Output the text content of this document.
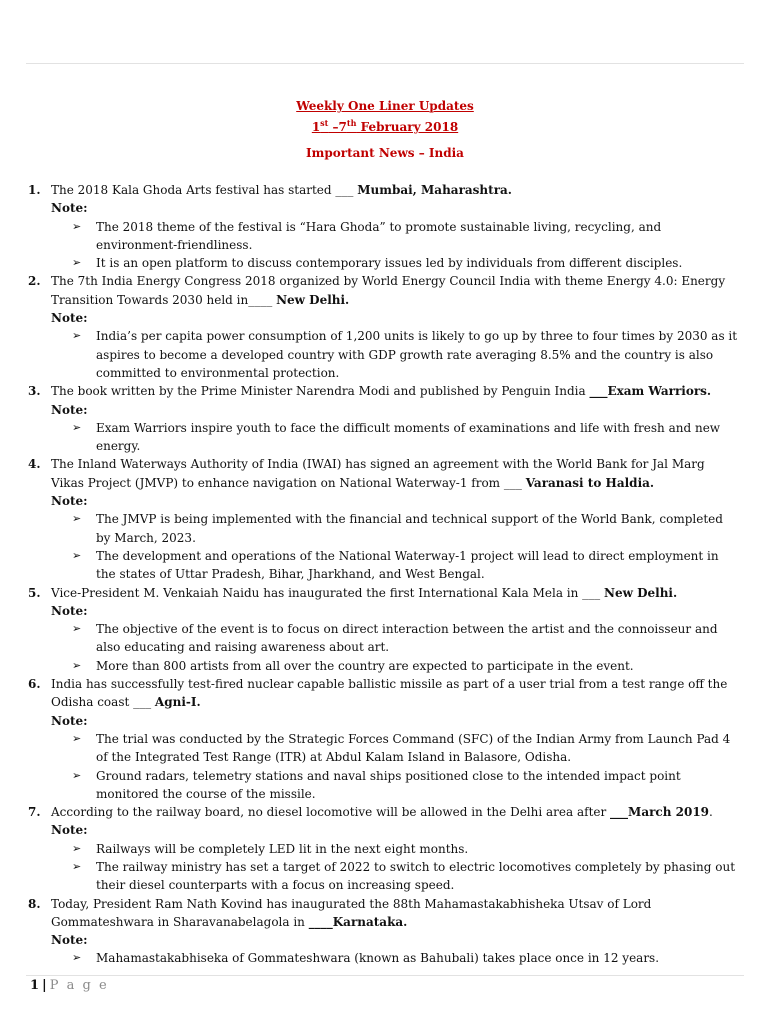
Weekly One Liner Updates
1st –7th February 2018
Important News – India
1. The 2018 Kala Ghoda Arts festival has started ___ Mumbai, Maharashtra.
Note:
➢ The 2018 theme of the festival is “Hara Ghoda” to promote sustainable living, recycling, and environment-friendliness.
➢ It is an open platform to discuss contemporary issues led by individuals from different disciples.
2. The 7th India Energy Congress 2018 organized by World Energy Council India with theme Energy 4.0: Energy Transition Towards 2030 held in____ New Delhi.
Note:
➢ India’s per capita power consumption of 1,200 units is likely to go up by three to four times by 2030 as it aspires to become a developed country with GDP growth rate averaging 8.5% and the country is also committed to environmental protection.
3. The book written by the Prime Minister Narendra Modi and published by Penguin India ___Exam Warriors.
Note:
➢ Exam Warriors inspire youth to face the difficult moments of examinations and life with fresh and new energy.
4. The Inland Waterways Authority of India (IWAI) has signed an agreement with the World Bank for Jal Marg Vikas Project (JMVP) to enhance navigation on National Waterway-1 from ___ Varanasi to Haldia.
Note:
➢ The JMVP is being implemented with the financial and technical support of the World Bank, completed by March, 2023.
➢ The development and operations of the National Waterway-1 project will lead to direct employment in the states of Uttar Pradesh, Bihar, Jharkhand, and West Bengal.
5. Vice-President M. Venkaiah Naidu has inaugurated the first International Kala Mela in ___ New Delhi.
Note:
➢ The objective of the event is to focus on direct interaction between the artist and the connoisseur and also educating and raising awareness about art.
➢ More than 800 artists from all over the country are expected to participate in the event.
6. India has successfully test-fired nuclear capable ballistic missile as part of a user trial from a test range off the Odisha coast ___ Agni-I.
Note:
➢ The trial was conducted by the Strategic Forces Command (SFC) of the Indian Army from Launch Pad 4 of the Integrated Test Range (ITR) at Abdul Kalam Island in Balasore, Odisha.
➢ Ground radars, telemetry stations and naval ships positioned close to the intended impact point monitored the course of the missile.
7. According to the railway board, no diesel locomotive will be allowed in the Delhi area after ___March 2019.
Note:
➢ Railways will be completely LED lit in the next eight months.
➢ The railway ministry has set a target of 2022 to switch to electric locomotives completely by phasing out their diesel counterparts with a focus on increasing speed.
8. Today, President Ram Nath Kovind has inaugurated the 88th Mahamastakabhisheka Utsav of Lord Gommateshwara in Sharavanabelagola in ____Karnataka.
Note:
➢ Mahamastakabhiseka of Gommateshwara (known as Bahubali) takes place once in 12 years.
1 | P a g e
